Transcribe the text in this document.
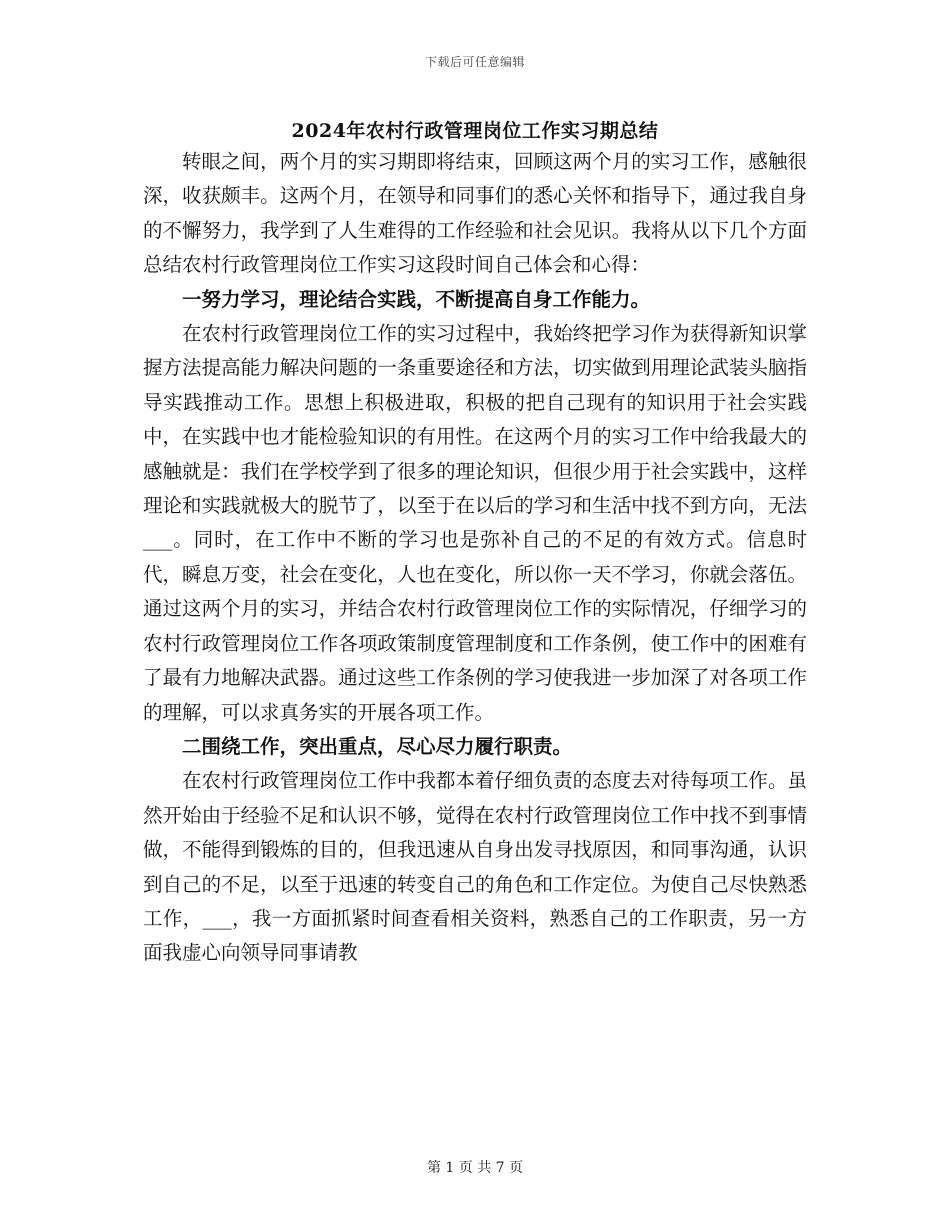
下载后可任意编辑
2024年农村行政管理岗位工作实习期总结

转眼之间，两个月的实习期即将结束，回顾这两个月的实习工作，感触很深，收获颇丰。这两个月，在领导和同事们的悉心关怀和指导下，通过我自身的不懈努力，我学到了人生难得的工作经验和社会见识。我将从以下几个方面总结农村行政管理岗位工作实习这段时间自己体会和心得：

一努力学习，理论结合实践，不断提高自身工作能力。

在农村行政管理岗位工作的实习过程中，我始终把学习作为获得新知识掌握方法提高能力解决问题的一条重要途径和方法，切实做到用理论武装头脑指导实践推动工作。思想上积极进取，积极的把自己现有的知识用于社会实践中，在实践中也才能检验知识的有用性。在这两个月的实习工作中给我最大的感触就是：我们在学校学到了很多的理论知识，但很少用于社会实践中，这样理论和实践就极大的脱节了，以至于在以后的学习和生活中找不到方向，无法___。同时，在工作中不断的学习也是弥补自己的不足的有效方式。信息时代，瞬息万变，社会在变化，人也在变化，所以你一天不学习，你就会落伍。通过这两个月的实习，并结合农村行政管理岗位工作的实际情况，仔细学习的农村行政管理岗位工作各项政策制度管理制度和工作条例，使工作中的困难有了最有力地解决武器。通过这些工作条例的学习使我进一步加深了对各项工作的理解，可以求真务实的开展各项工作。

二围绕工作，突出重点，尽心尽力履行职责。

在农村行政管理岗位工作中我都本着仔细负责的态度去对待每项工作。虽然开始由于经验不足和认识不够，觉得在农村行政管理岗位工作中找不到事情做，不能得到锻炼的目的，但我迅速从自身出发寻找原因，和同事沟通，认识到自己的不足，以至于迅速的转变自己的角色和工作定位。为使自己尽快熟悉工作，___，我一方面抓紧时间查看相关资料，熟悉自己的工作职责，另一方面我虚心向领导同事请教

第 1 页 共 7 页
